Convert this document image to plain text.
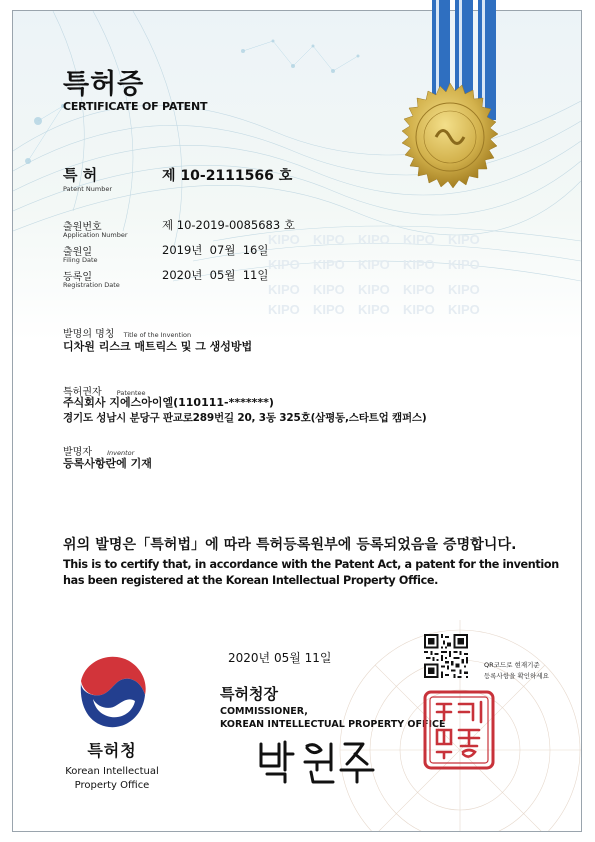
KIPO KIPO KIPO KIPO KIPO
KIPO KIPO KIPO KIPO KIPO
KIPO KIPO KIPO KIPO KIPO
KIPO KIPO KIPO KIPO KIPO
특허증
CERTIFICATE OF PATENT
특 허
Patent Number
제 10-2111566 호
출원번호
Application Number
제 10-2019-0085683 호
출원일
Filing Date
2019년  07월  16일
등록일
Registration Date
2020년  05월  11일
발명의 명칭 Title of the Invention
디차원 리스크 매트릭스 및 그 생성방법
특허권자 Patentee
주식회사 지에스아이엘(110111-*******)
경기도 성남시 분당구 판교로289번길 20, 3동 325호(삼평동,스타트업 캠퍼스)
발명자 Inventor
등록사항란에 기재
위의 발명은「특허법」에 따라 특허등록원부에 등록되었음을 증명합니다.
This is to certify that, in accordance with the Patent Act, a patent for the invention
has been registered at the Korean Intellectual Property Office.
2020년 05월 11일
특허청장
COMMISSIONER,
KOREAN INTELLECTUAL PROPERTY OFFICE
QR코드로 현재기준
등록사항을 확인하세요
특허청
Korean Intellectual
Property Office
